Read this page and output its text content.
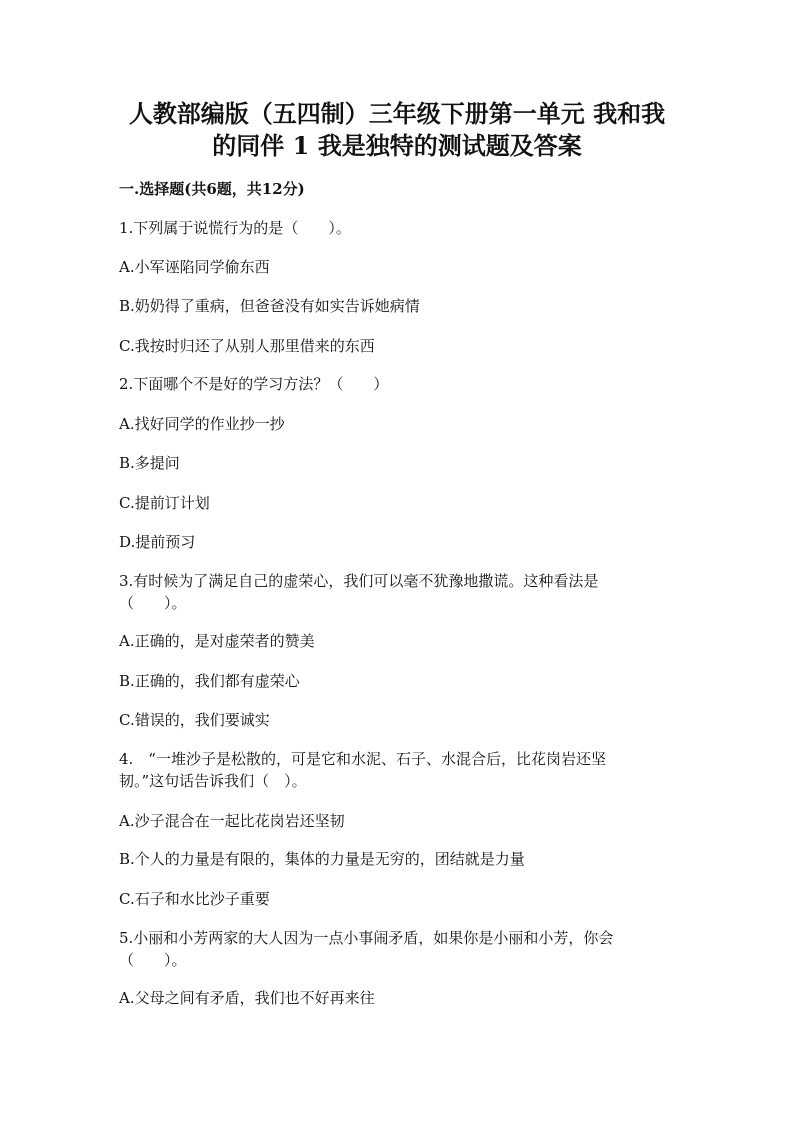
人教部编版（五四制）三年级下册第一单元 我和我
的同伴 1 我是独特的测试题及答案
一.选择题(共6题，共12分)
1.下列属于说慌行为的是（　　）。
A.小军诬陷同学偷东西
B.奶奶得了重病，但爸爸没有如实告诉她病情
C.我按时归还了从别人那里借来的东西
2.下面哪个不是好的学习方法？（　　）
A.找好同学的作业抄一抄
B.多提问
C.提前订计划
D.提前预习
3.有时候为了满足自己的虚荣心，我们可以毫不犹豫地撒谎。这种看法是
（　　）。
A.正确的，是对虚荣者的赞美
B.正确的，我们都有虚荣心
C.错误的，我们要诚实
4.　“一堆沙子是松散的，可是它和水泥、石子、水混合后，比花岗岩还坚
韧。”这句话告诉我们（　）。
A.沙子混合在一起比花岗岩还坚韧
B.个人的力量是有限的，集体的力量是无穷的，团结就是力量
C.石子和水比沙子重要
5.小丽和小芳两家的大人因为一点小事闹矛盾，如果你是小丽和小芳，你会
（　　）。
A.父母之间有矛盾，我们也不好再来往
